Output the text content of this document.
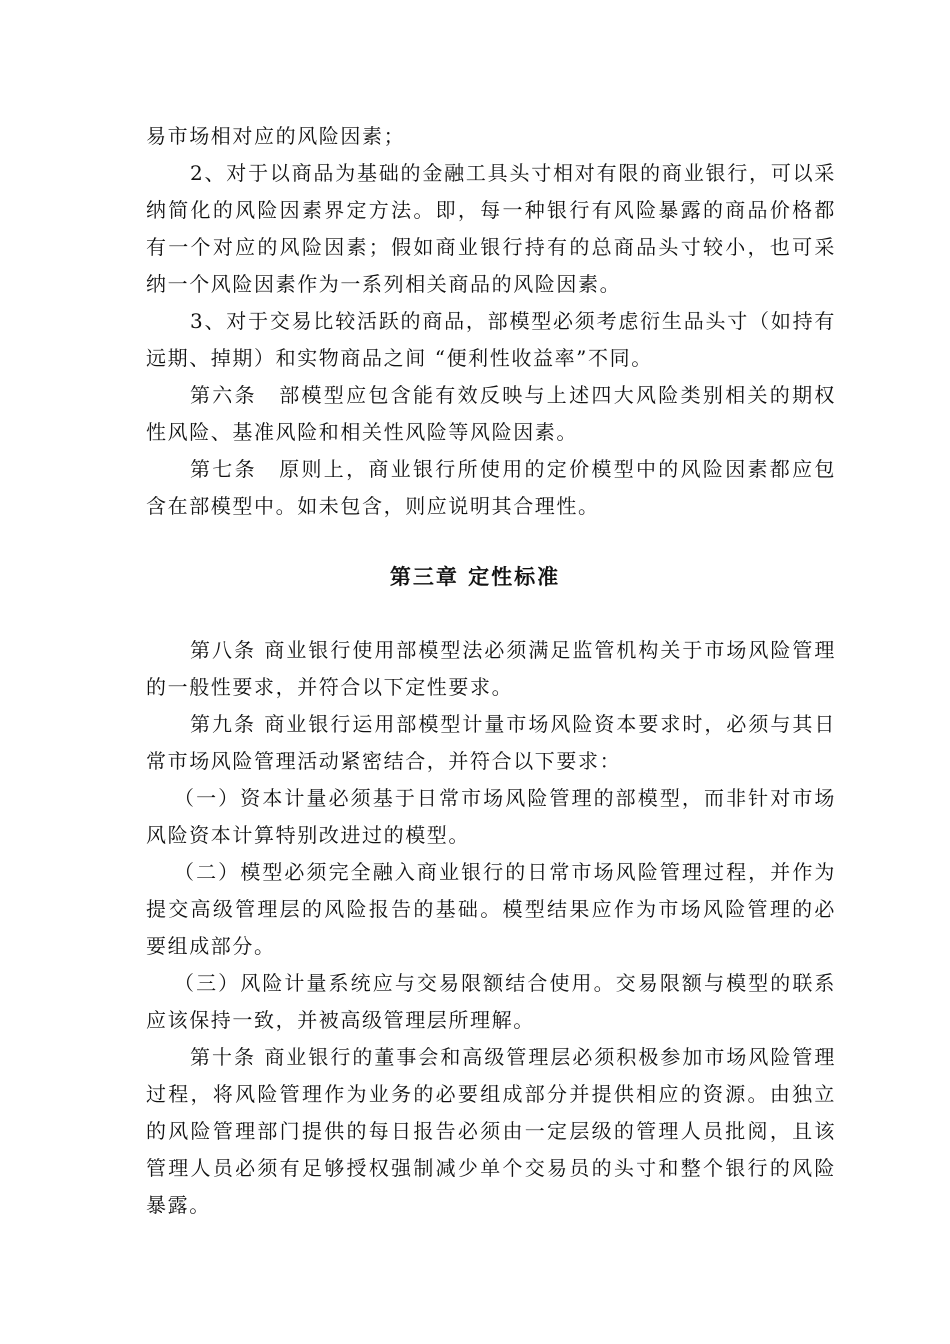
易市场相对应的风险因素；

2、对于以商品为基础的金融工具头寸相对有限的商业银行，可以采纳简化的风险因素界定方法。即，每一种银行有风险暴露的商品价格都有一个对应的风险因素；假如商业银行持有的总商品头寸较小，也可采纳一个风险因素作为一系列相关商品的风险因素。

3、对于交易比较活跃的商品，部模型必须考虑衍生品头寸（如持有远期、掉期）和实物商品之间 “便利性收益率”不同。

第六条　部模型应包含能有效反映与上述四大风险类别相关的期权性风险、基准风险和相关性风险等风险因素。

第七条　原则上，商业银行所使用的定价模型中的风险因素都应包含在部模型中。如未包含，则应说明其合理性。

第三章 定性标准

第八条 商业银行使用部模型法必须满足监管机构关于市场风险管理的一般性要求，并符合以下定性要求。

第九条 商业银行运用部模型计量市场风险资本要求时，必须与其日常市场风险管理活动紧密结合，并符合以下要求：

（一）资本计量必须基于日常市场风险管理的部模型，而非针对市场风险资本计算特别改进过的模型。

（二）模型必须完全融入商业银行的日常市场风险管理过程，并作为提交高级管理层的风险报告的基础。模型结果应作为市场风险管理的必要组成部分。

（三）风险计量系统应与交易限额结合使用。交易限额与模型的联系应该保持一致，并被高级管理层所理解。

第十条 商业银行的董事会和高级管理层必须积极参加市场风险管理过程，将风险管理作为业务的必要组成部分并提供相应的资源。由独立的风险管理部门提供的每日报告必须由一定层级的管理人员批阅，且该管理人员必须有足够授权强制减少单个交易员的头寸和整个银行的风险暴露。
